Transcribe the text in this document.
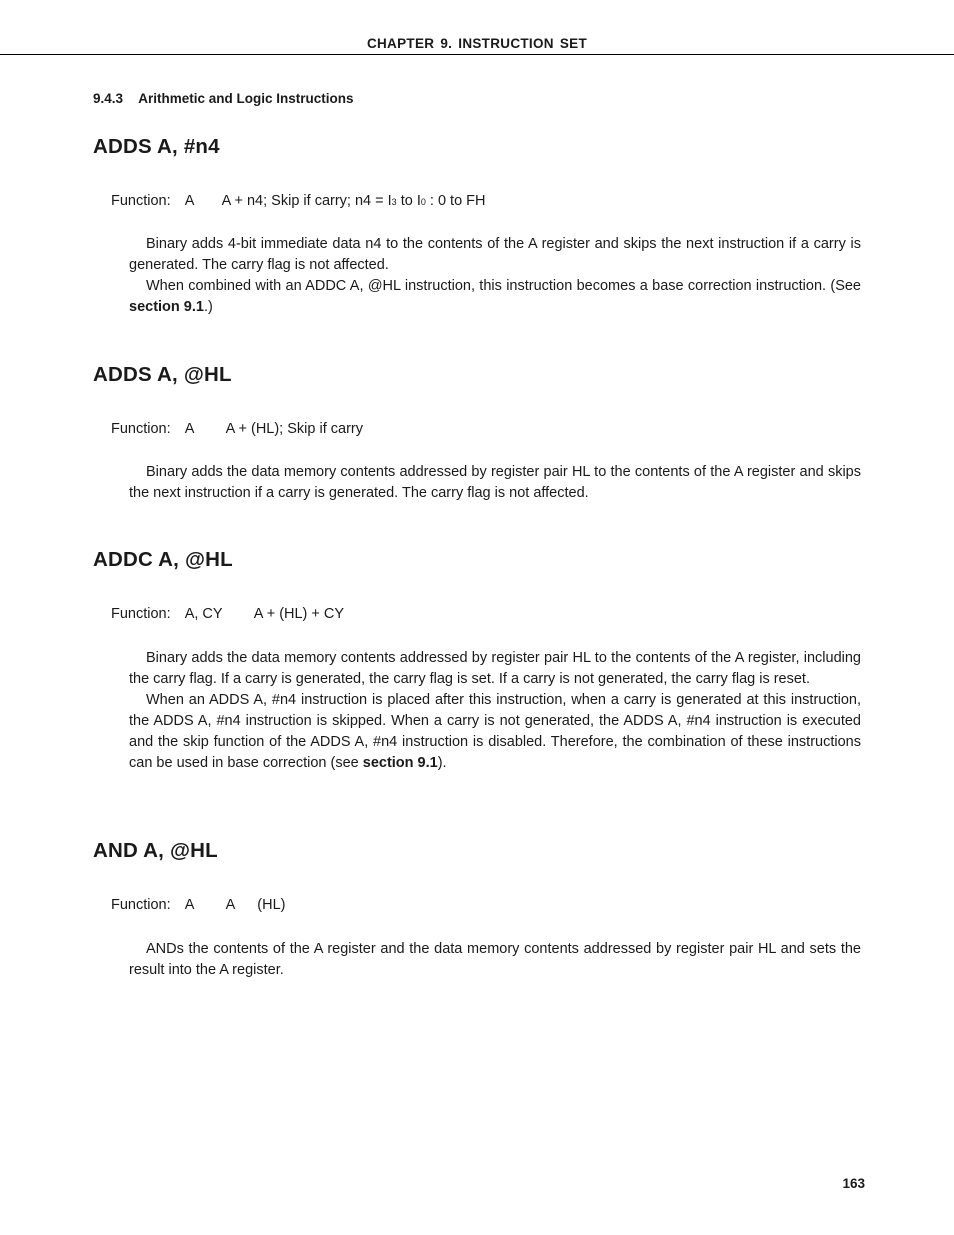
CHAPTER 9. INSTRUCTION SET
9.4.3 Arithmetic and Logic Instructions
ADDS A, #n4
Function: A A + n4; Skip if carry; n4 = I3 to I0 : 0 to FH

Binary adds 4-bit immediate data n4 to the contents of the A register and skips the next instruction if a carry is generated. The carry flag is not affected.

When combined with an ADDC A, @HL instruction, this instruction becomes a base correction instruction. (See section 9.1.)

ADDS A, @HL
Function: A A + (HL); Skip if carry

Binary adds the data memory contents addressed by register pair HL to the contents of the A register and skips the next instruction if a carry is generated. The carry flag is not affected.

ADDC A, @HL
Function: A, CY A + (HL) + CY

Binary adds the data memory contents addressed by register pair HL to the contents of the A register, including the carry flag. If a carry is generated, the carry flag is set. If a carry is not generated, the carry flag is reset.

When an ADDS A, #n4 instruction is placed after this instruction, when a carry is generated at this instruction, the ADDS A, #n4 instruction is skipped. When a carry is not generated, the ADDS A, #n4 instruction is executed and the skip function of the ADDS A, #n4 instruction is disabled. Therefore, the combination of these instructions can be used in base correction (see section 9.1).

AND A, @HL
Function: A A (HL)

ANDs the contents of the A register and the data memory contents addressed by register pair HL and sets the result into the A register.

163
